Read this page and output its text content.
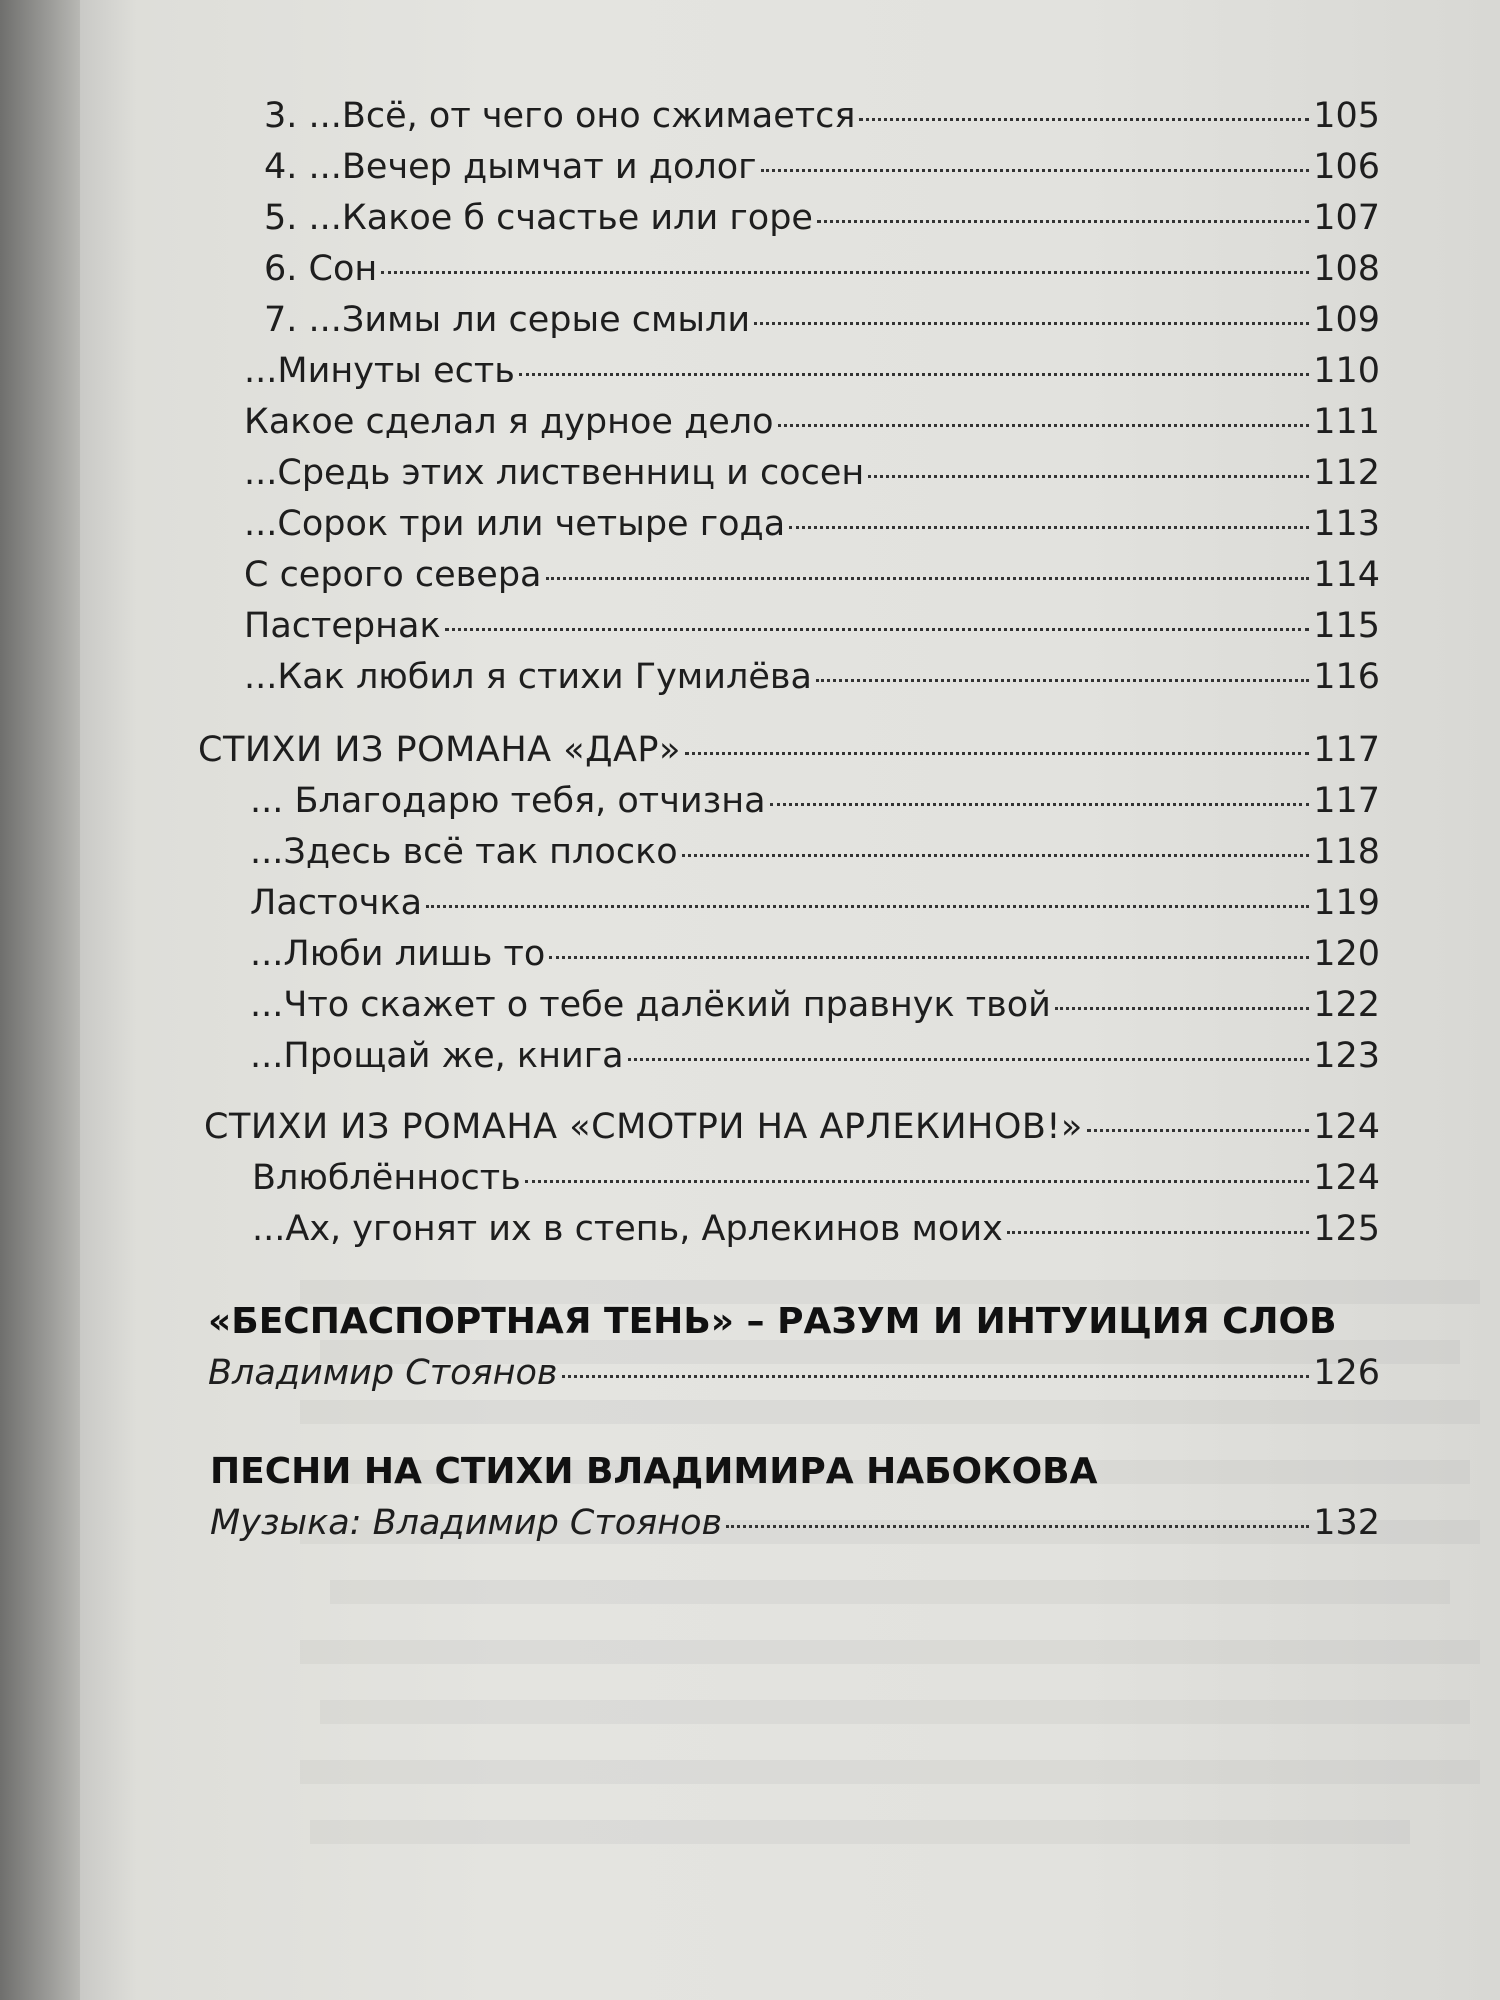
3. ...Всё, от чего оно сжимается	105
4. ...Вечер дымчат и долог	106
5. ...Какое б счастье или горе	107
6. Сон	108
7. ...Зимы ли серые смыли	109
...Минуты есть	110
Какое сделал я дурное дело	111
...Средь этих лиственниц и сосен	112
...Сорок три или четыре года	113
С серого севера	114
Пастернак	115
...Как любил я стихи Гумилёва	116
СТИХИ ИЗ РОМАНА «ДАР»	117
... Благодарю тебя, отчизна	117
...Здесь всё так плоско	118
Ласточка	119
...Люби лишь то	120
...Что скажет о тебе далёкий правнук твой	122
...Прощай же, книга	123
СТИХИ ИЗ РОМАНА «СМОТРИ НА АРЛЕКИНОВ!»	124
Влюблённость	124
...Ах, угонят их в степь, Арлекинов моих	125
«БЕСПАСПОРТНАЯ ТЕНЬ» – РАЗУМ И ИНТУИЦИЯ СЛОВ
Владимир Стоянов	126
ПЕСНИ НА СТИХИ ВЛАДИМИРА НАБОКОВА
Музыка: Владимир Стоянов	132
